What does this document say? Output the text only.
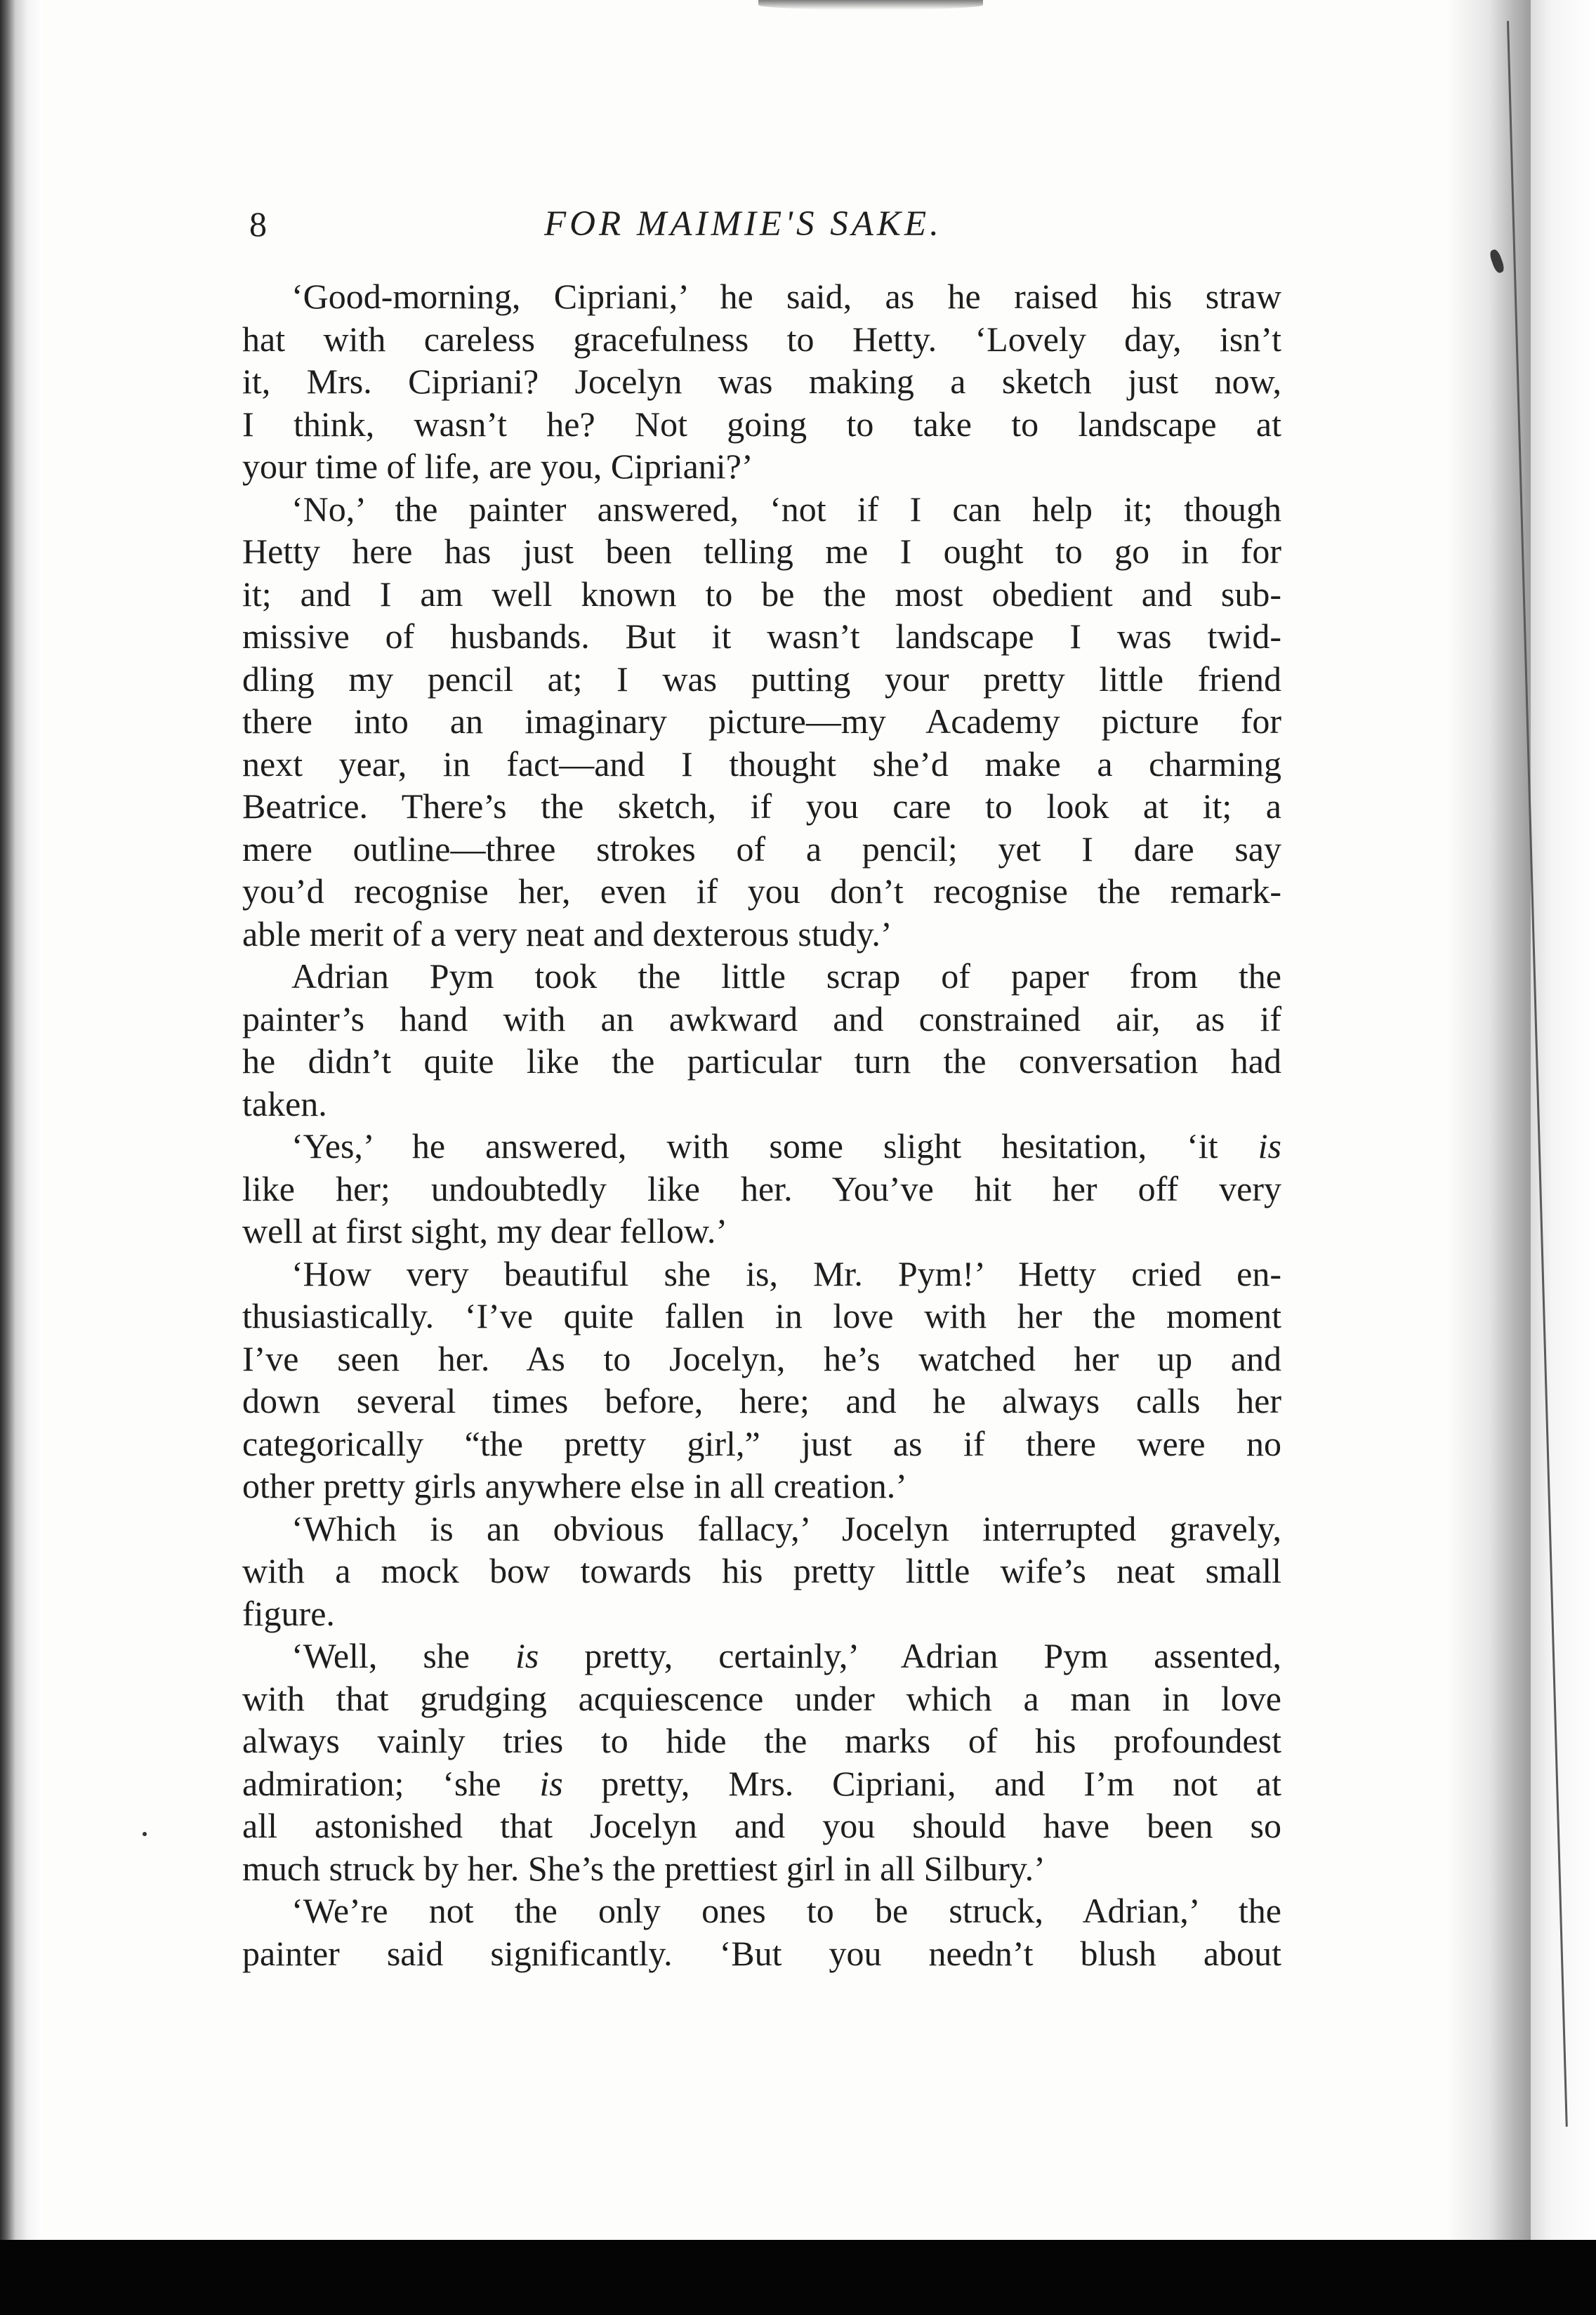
8	FOR MAIMIE'S SAKE.
‘Good-morning, Cipriani,’ he said, as he raised his straw
hat with careless gracefulness to Hetty. ‘Lovely day, isn’t
it, Mrs. Cipriani? Jocelyn was making a sketch just now,
I think, wasn’t he? Not going to take to landscape at
your time of life, are you, Cipriani?’
‘No,’ the painter answered, ‘not if I can help it; though
Hetty here has just been telling me I ought to go in for
it; and I am well known to be the most obedient and sub-
missive of husbands. But it wasn’t landscape I was twid-
dling my pencil at; I was putting your pretty little friend
there into an imaginary picture—my Academy picture for
next year, in fact—and I thought she’d make a charming
Beatrice. There’s the sketch, if you care to look at it; a
mere outline—three strokes of a pencil; yet I dare say
you’d recognise her, even if you don’t recognise the remark-
able merit of a very neat and dexterous study.’
Adrian Pym took the little scrap of paper from the
painter’s hand with an awkward and constrained air, as if
he didn’t quite like the particular turn the conversation had
taken.
‘Yes,’ he answered, with some slight hesitation, ‘it is
like her; undoubtedly like her. You’ve hit her off very
well at first sight, my dear fellow.’
‘How very beautiful she is, Mr. Pym!’ Hetty cried en-
thusiastically. ‘I’ve quite fallen in love with her the moment
I’ve seen her. As to Jocelyn, he’s watched her up and
down several times before, here; and he always calls her
categorically “the pretty girl,” just as if there were no
other pretty girls anywhere else in all creation.’
‘Which is an obvious fallacy,’ Jocelyn interrupted gravely,
with a mock bow towards his pretty little wife’s neat small
figure.
‘Well, she is pretty, certainly,’ Adrian Pym assented,
with that grudging acquiescence under which a man in love
always vainly tries to hide the marks of his profoundest
admiration; ‘she is pretty, Mrs. Cipriani, and I’m not at
all astonished that Jocelyn and you should have been so
much struck by her. She’s the prettiest girl in all Silbury.’
‘We’re not the only ones to be struck, Adrian,’ the
painter said significantly. ‘But you needn’t blush about
